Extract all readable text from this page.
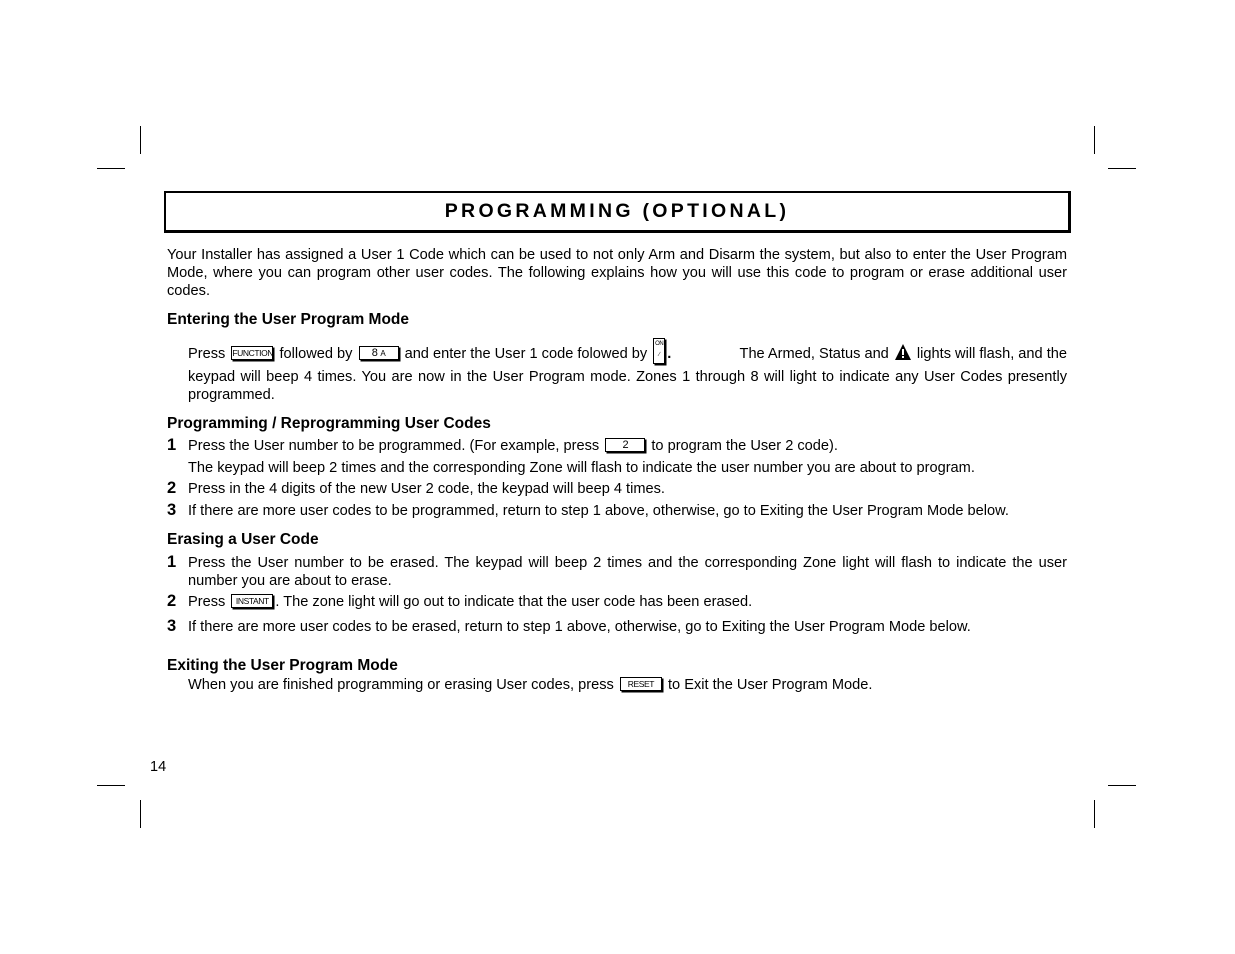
PROGRAMMING (OPTIONAL)
Your Installer has assigned a User 1 Code which can be used to not only Arm and Disarm the system, but also to enter the User Program Mode, where you can program other user codes. The following explains how you will use this code to program or erase additional user codes.
Entering the User Program Mode
Press FUNCTION followed by 8 A and enter the User 1 code folowed by
ON
∕ .	The Armed, Status and lights will flash, and the
keypad will beep 4 times. You are now in the User Program mode. Zones 1 through 8 will light to indicate any User Codes presently programmed.
Programming / Reprogramming User Codes
1 Press the User number to be programmed. (For example, press 2 to program the User 2 code).
The keypad will beep 2 times and the corresponding Zone will flash to indicate the user number you are about to program.
2 Press in the 4 digits of the new User 2 code, the keypad will beep 4 times.
3 If there are more user codes to be programmed, return to step 1 above, otherwise, go to Exiting the User Program Mode below.
Erasing a User Code
1 Press the User number to be erased. The keypad will beep 2 times and the corresponding Zone light will flash to indicate the user number you are about to erase.
2 Press INSTANT . The zone light will go out to indicate that the user code has been erased.
3 If there are more user codes to be erased, return to step 1 above, otherwise, go to Exiting the User Program Mode below.
Exiting the User Program Mode
When you are finished programming or erasing User codes, press RESET to Exit the User Program Mode.
14
